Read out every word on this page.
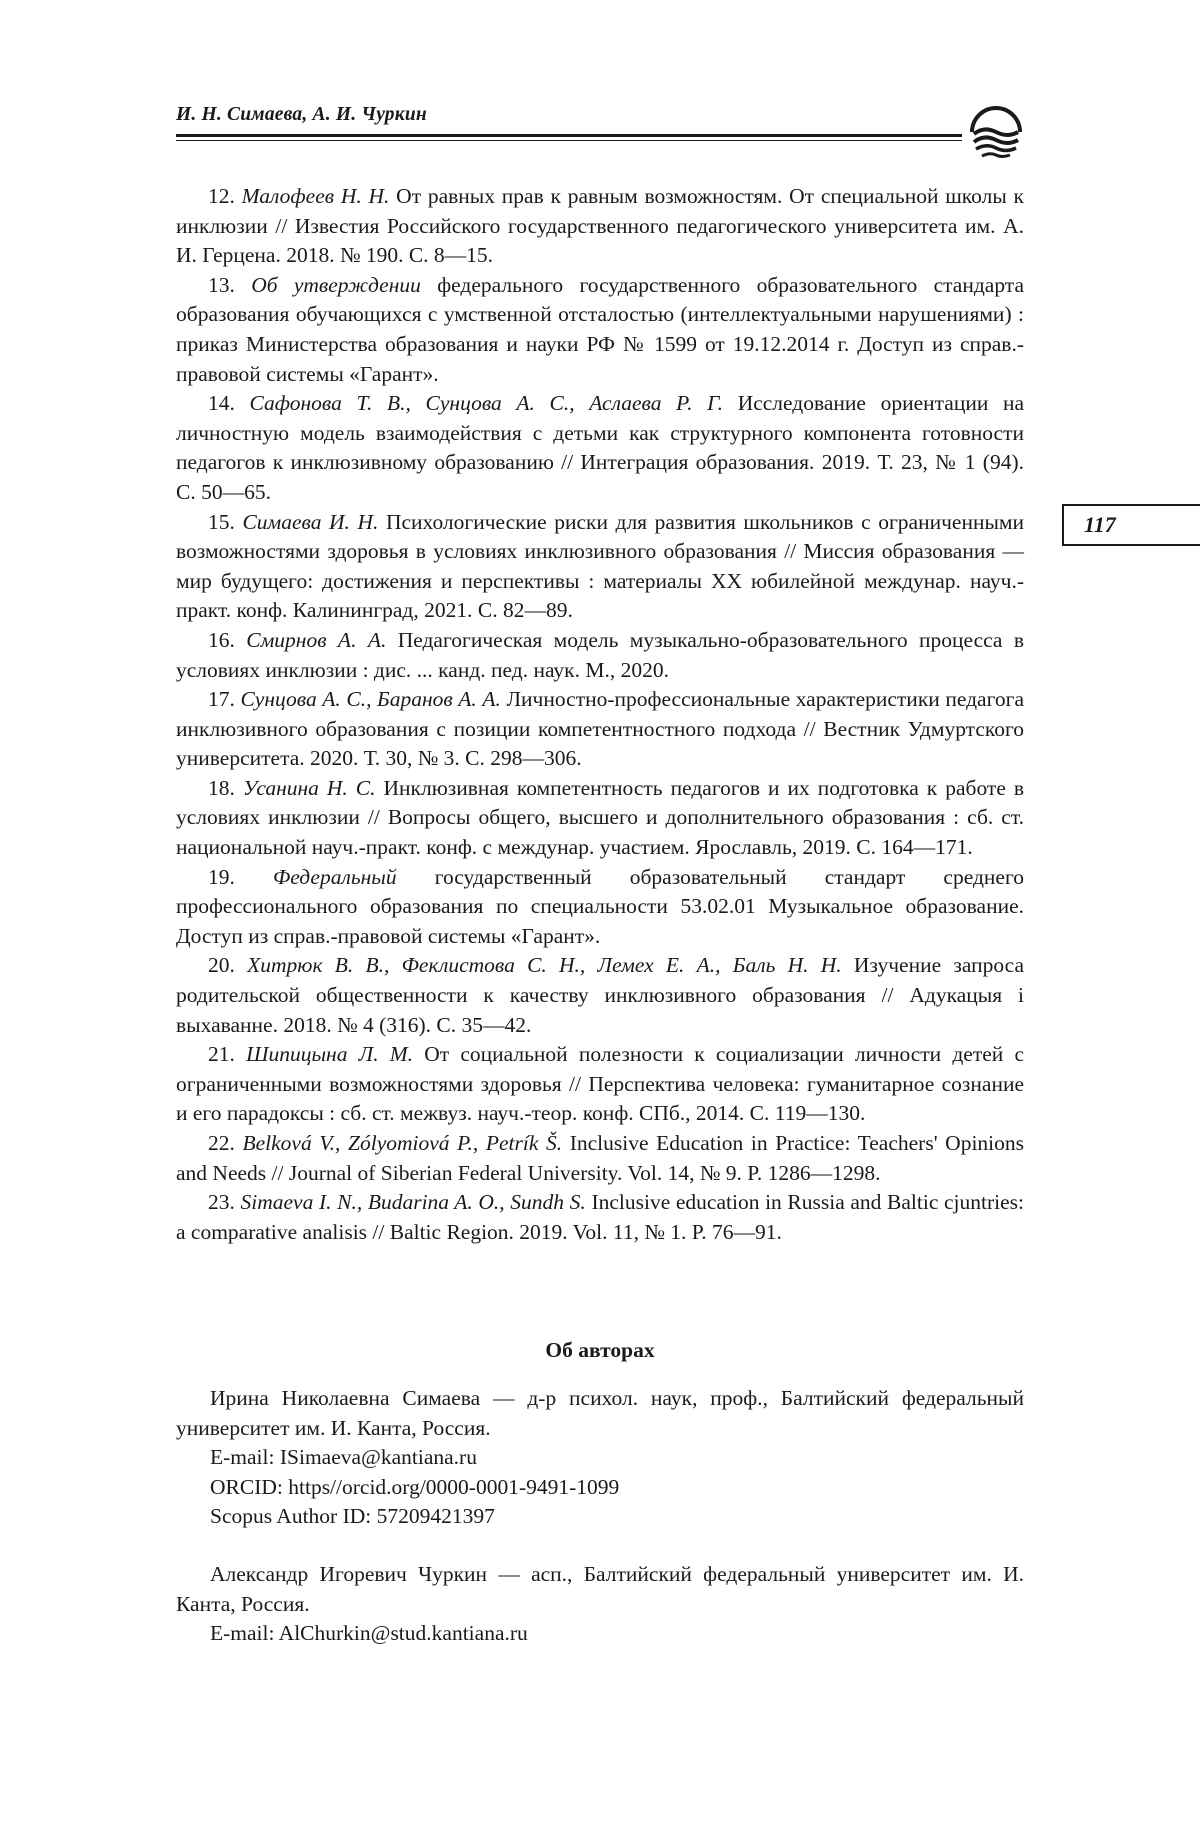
И. Н. Симаева, А. И. Чуркин
117

12. Малофеев Н. Н. От равных прав к равным возможностям. От специальной школы к инклюзии // Известия Российского государственного педагогического университета им. А. И. Герцена. 2018. № 190. С. 8—15.

13. Об утверждении федерального государственного образовательного стандарта образования обучающихся с умственной отсталостью (интеллектуальными нарушениями) : приказ Министерства образования и науки РФ № 1599 от 19.12.2014 г. Доступ из справ.-правовой системы «Гарант».

14. Сафонова Т. В., Сунцова А. С., Аслаева Р. Г. Исследование ориентации на личностную модель взаимодействия с детьми как структурного компонента готовности педагогов к инклюзивному образованию // Интеграция образования. 2019. Т. 23, № 1 (94). С. 50—65.

15. Симаева И. Н. Психологические риски для развития школьников с ограниченными возможностями здоровья в условиях инклюзивного образования // Миссия образования — мир будущего: достижения и перспективы : материалы XX юбилейной междунар. науч.-практ. конф. Калининград, 2021. С. 82—89.

16. Смирнов А. А. Педагогическая модель музыкально-образовательного процесса в условиях инклюзии : дис. ... канд. пед. наук. М., 2020.

17. Сунцова А. С., Баранов А. А. Личностно-профессиональные характеристики педагога инклюзивного образования с позиции компетентностного подхода // Вестник Удмуртского университета. 2020. Т. 30, № 3. С. 298—306.

18. Усанина Н. С. Инклюзивная компетентность педагогов и их подготовка к работе в условиях инклюзии // Вопросы общего, высшего и дополнительного образования : сб. ст. национальной науч.-практ. конф. с междунар. участием. Ярославль, 2019. С. 164—171.

19. Федеральный государственный образовательный стандарт среднего профессионального образования по специальности 53.02.01 Музыкальное образование. Доступ из справ.-правовой системы «Гарант».

20. Хитрюк В. В., Феклистова С. Н., Лемех Е. А., Баль Н. Н. Изучение запроса родительской общественности к качеству инклюзивного образования // Адукацыя і выхаванне. 2018. № 4 (316). С. 35—42.

21. Шипицына Л. М. От социальной полезности к социализации личности детей с ограниченными возможностями здоровья // Перспектива человека: гуманитарное сознание и его парадоксы : сб. ст. межвуз. науч.-теор. конф. СПб., 2014. С. 119—130.

22. Belková V., Zólyomiová P., Petrík Š. Inclusive Education in Practice: Teachers' Opinions and Needs // Journal of Siberian Federal University. Vol. 14, № 9. P. 1286—1298.

23. Simaeva I. N., Budarina A. O., Sundh S. Inclusive education in Russia and Baltic cjuntries: a comparative analisis // Baltic Region. 2019. Vol. 11, № 1. P. 76—91.

Об авторах

Ирина Николаевна Симаева — д-р психол. наук, проф., Балтийский федеральный университет им. И. Канта, Россия.

E-mail: ISimaeva@kantiana.ru

ORCID: https//orcid.org/0000-0001-9491-1099

Scopus Author ID: 57209421397

Александр Игоревич Чуркин — асп., Балтийский федеральный университет им. И. Канта, Россия.

E-mail: AlChurkin@stud.kantiana.ru
